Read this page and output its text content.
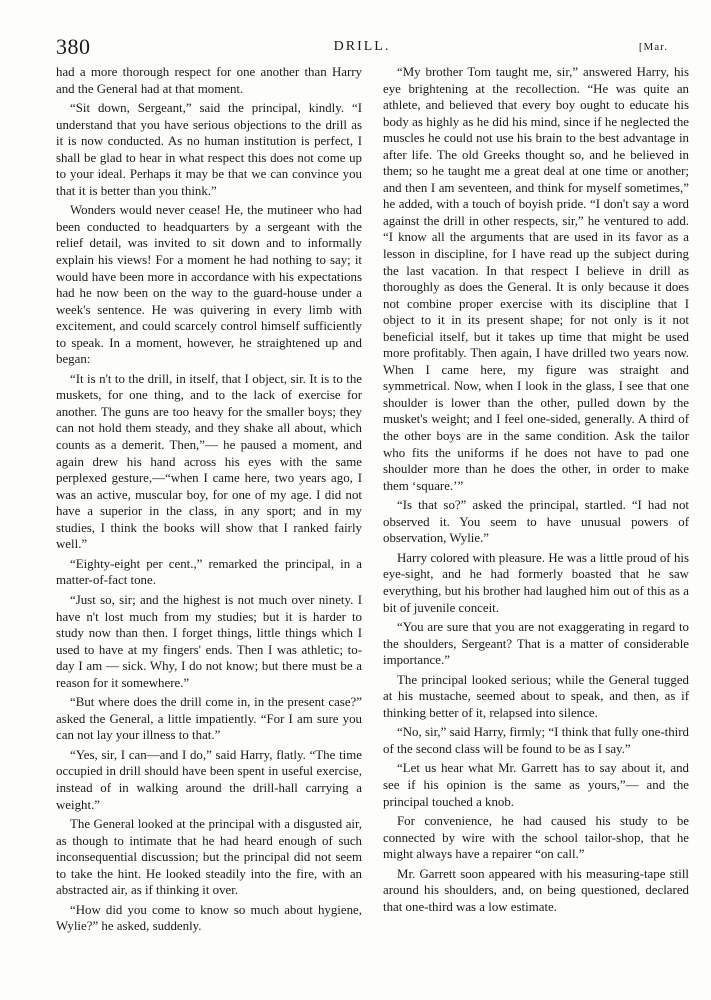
380	DRILL.	[Mar.

had a more thorough respect for one another than Harry and the General had at that moment.

“Sit down, Sergeant,” said the principal, kindly. “I understand that you have serious objections to the drill as it is now conducted. As no human institution is perfect, I shall be glad to hear in what respect this does not come up to your ideal. Perhaps it may be that we can convince you that it is better than you think.”

Wonders would never cease! He, the mutineer who had been conducted to headquarters by a sergeant with the relief detail, was invited to sit down and to informally explain his views! For a moment he had nothing to say; it would have been more in accordance with his expectations had he now been on the way to the guard-house under a week's sentence. He was quivering in every limb with excitement, and could scarcely control himself sufficiently to speak. In a moment, however, he straightened up and began:

“It is n't to the drill, in itself, that I object, sir. It is to the muskets, for one thing, and to the lack of exercise for another. The guns are too heavy for the smaller boys; they can not hold them steady, and they shake all about, which counts as a demerit. Then,”— he paused a moment, and again drew his hand across his eyes with the same perplexed gesture,—“when I came here, two years ago, I was an active, muscular boy, for one of my age. I did not have a superior in the class, in any sport; and in my studies, I think the books will show that I ranked fairly well.”

“Eighty-eight per cent.,” remarked the principal, in a matter-of-fact tone.

“Just so, sir; and the highest is not much over ninety. I have n't lost much from my studies; but it is harder to study now than then. I forget things, little things which I used to have at my fingers' ends. Then I was athletic; to-day I am — sick. Why, I do not know; but there must be a reason for it somewhere.”

“But where does the drill come in, in the present case?” asked the General, a little impatiently. “For I am sure you can not lay your illness to that.”

“Yes, sir, I can—and I do,” said Harry, flatly. “The time occupied in drill should have been spent in useful exercise, instead of in walking around the drill-hall carrying a weight.”

The General looked at the principal with a disgusted air, as though to intimate that he had heard enough of such inconsequential discussion; but the principal did not seem to take the hint. He looked steadily into the fire, with an abstracted air, as if thinking it over.

“How did you come to know so much about hygiene, Wylie?” he asked, suddenly.

“My brother Tom taught me, sir,” answered Harry, his eye brightening at the recollection. “He was quite an athlete, and believed that every boy ought to educate his body as highly as he did his mind, since if he neglected the muscles he could not use his brain to the best advantage in after life. The old Greeks thought so, and he believed in them; so he taught me a great deal at one time or another; and then I am seventeen, and think for myself sometimes,” he added, with a touch of boyish pride. “I don't say a word against the drill in other respects, sir,” he ventured to add. “I know all the arguments that are used in its favor as a lesson in discipline, for I have read up the subject during the last vacation. In that respect I believe in drill as thoroughly as does the General. It is only because it does not combine proper exercise with its discipline that I object to it in its present shape; for not only is it not beneficial itself, but it takes up time that might be used more profitably. Then again, I have drilled two years now. When I came here, my figure was straight and symmetrical. Now, when I look in the glass, I see that one shoulder is lower than the other, pulled down by the musket's weight; and I feel one-sided, generally. A third of the other boys are in the same condition. Ask the tailor who fits the uniforms if he does not have to pad one shoulder more than he does the other, in order to make them ‘square.’”

“Is that so?” asked the principal, startled. “I had not observed it. You seem to have unusual powers of observation, Wylie.”

Harry colored with pleasure. He was a little proud of his eye-sight, and he had formerly boasted that he saw everything, but his brother had laughed him out of this as a bit of juvenile conceit.

“You are sure that you are not exaggerating in regard to the shoulders, Sergeant? That is a matter of considerable importance.”

The principal looked serious; while the General tugged at his mustache, seemed about to speak, and then, as if thinking better of it, relapsed into silence.

“No, sir,” said Harry, firmly; “I think that fully one-third of the second class will be found to be as I say.”

“Let us hear what Mr. Garrett has to say about it, and see if his opinion is the same as yours,”— and the principal touched a knob.

For convenience, he had caused his study to be connected by wire with the school tailor-shop, that he might always have a repairer “on call.”

Mr. Garrett soon appeared with his measuring-tape still around his shoulders, and, on being questioned, declared that one-third was a low estimate.
